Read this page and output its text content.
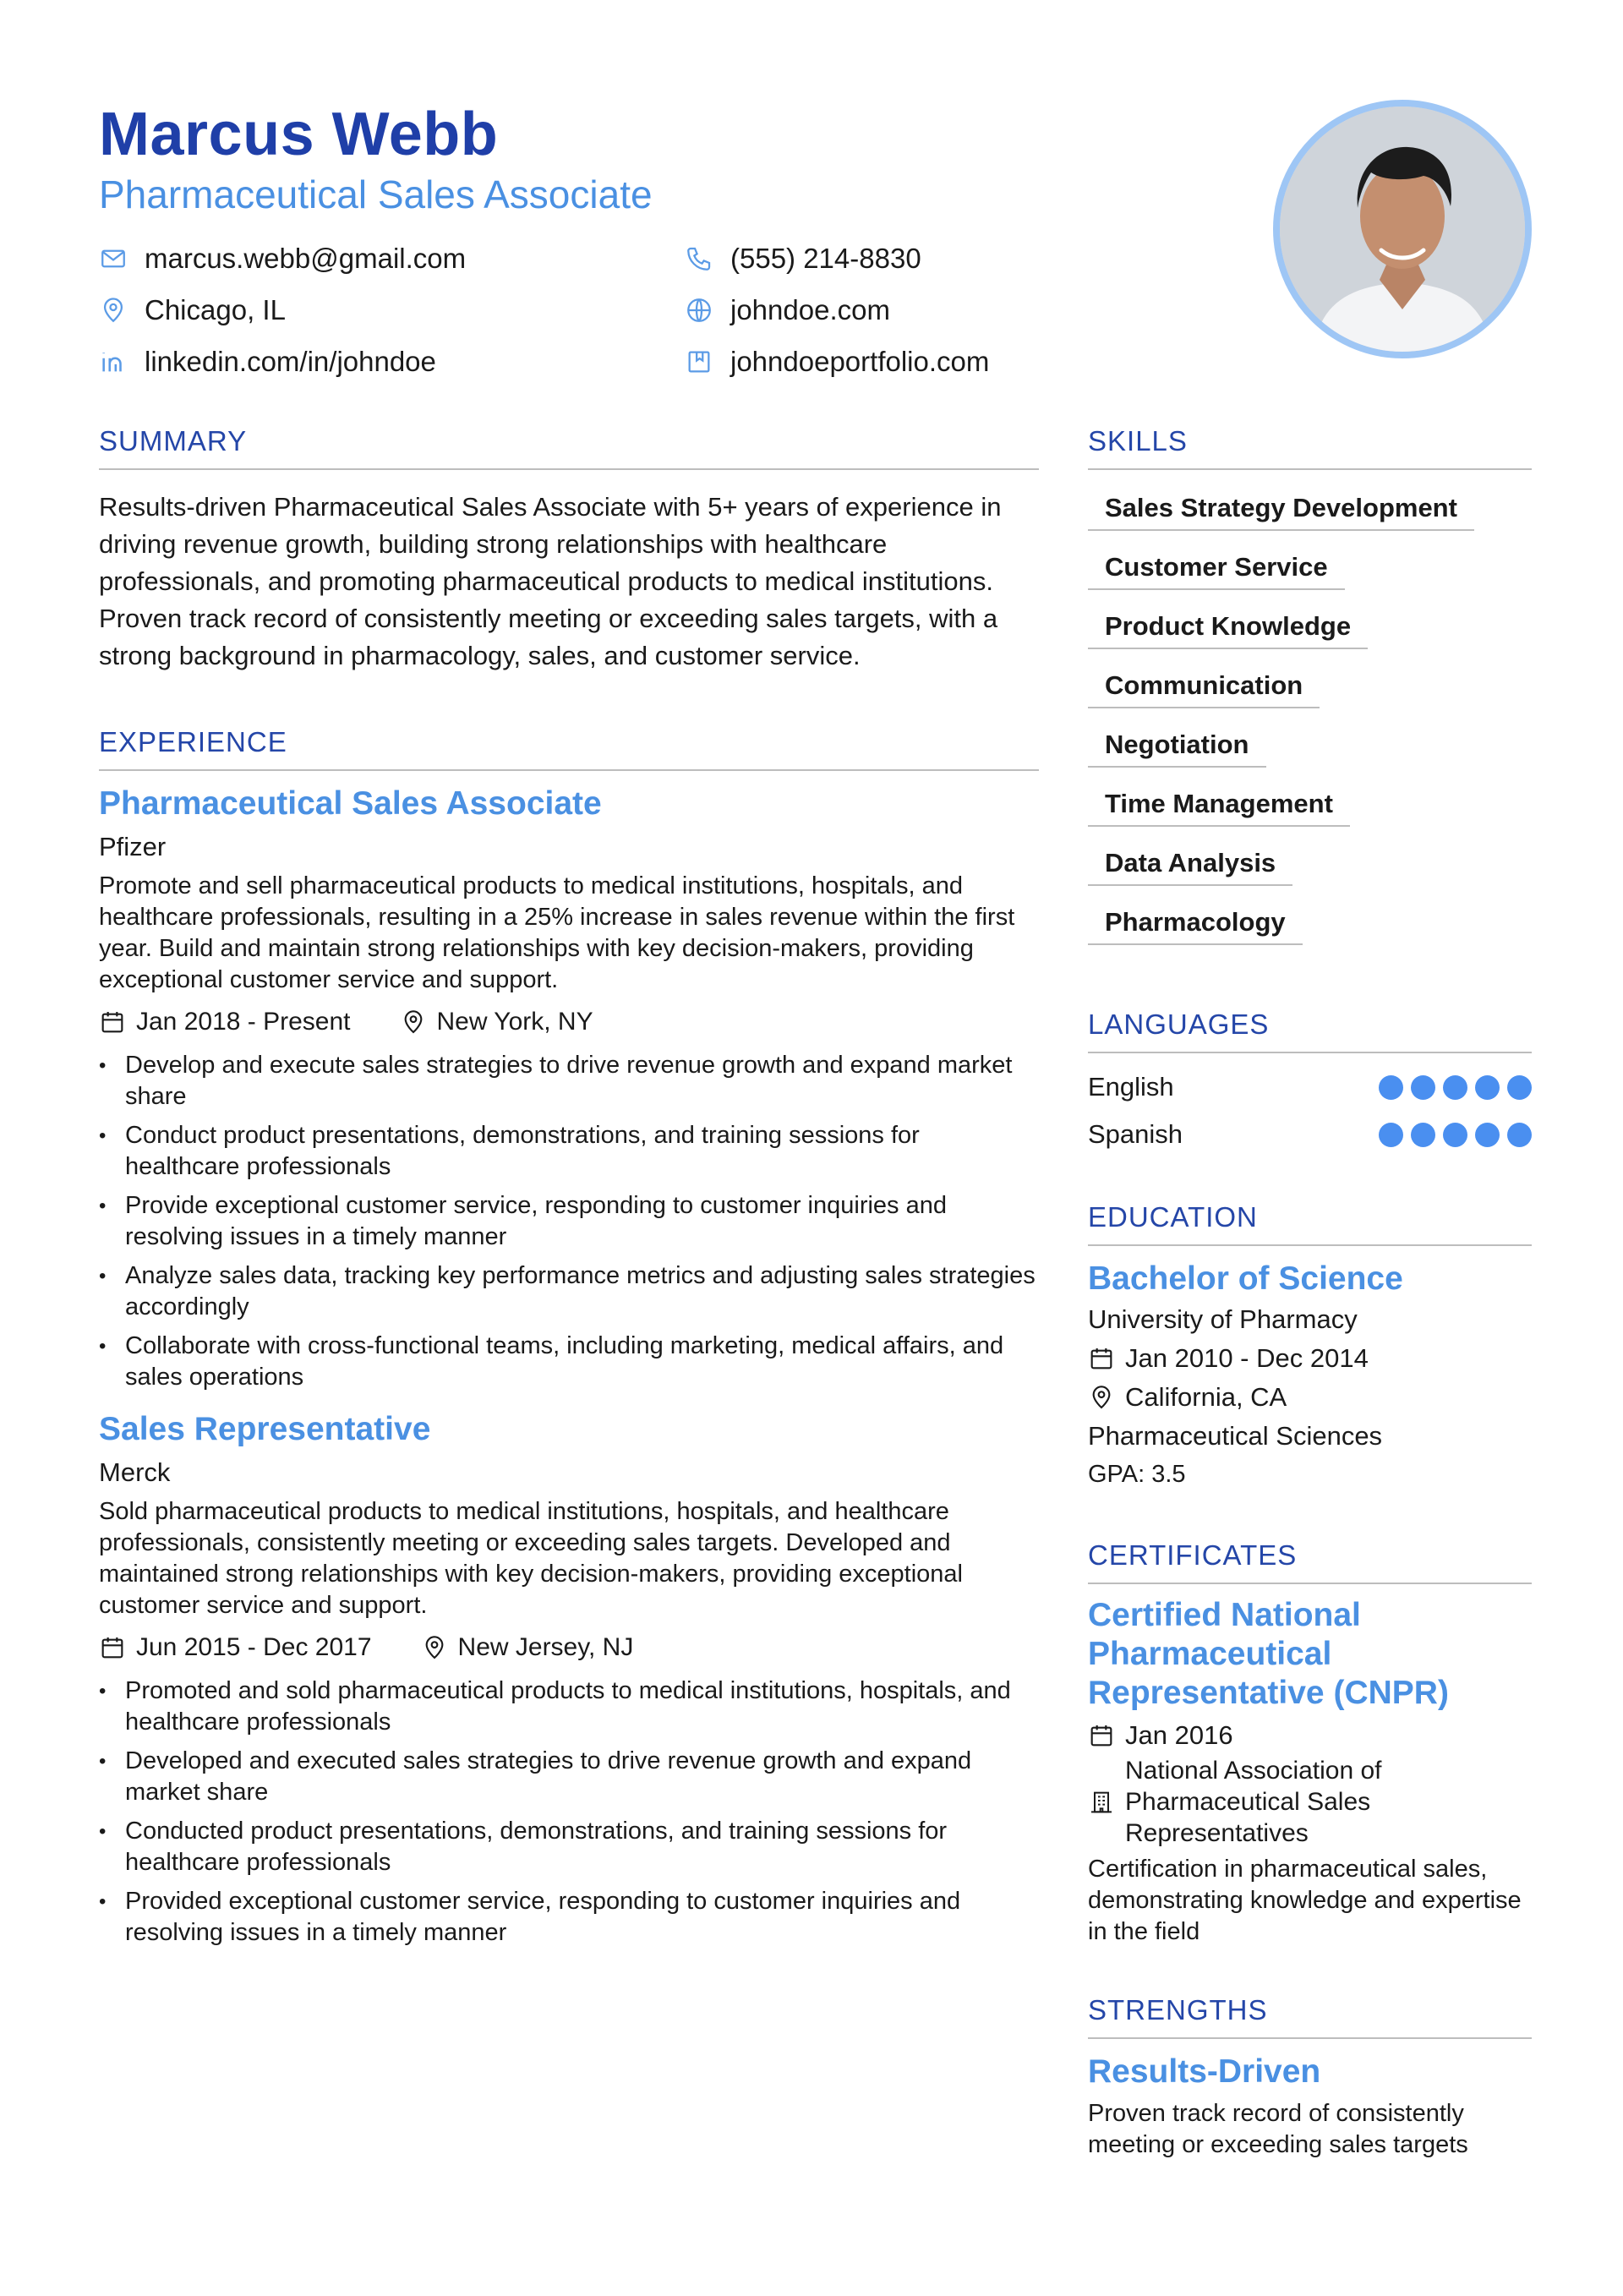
Marcus Webb
Pharmaceutical Sales Associate
marcus.webb@gmail.com	(555) 214-8830
Chicago, IL	johndoe.com
linkedin.com/in/johndoe	johndoeportfolio.com
SUMMARY
Results-driven Pharmaceutical Sales Associate with 5+ years of experience in driving revenue growth, building strong relationships with healthcare professionals, and promoting pharmaceutical products to medical institutions. Proven track record of consistently meeting or exceeding sales targets, with a strong background in pharmacology, sales, and customer service.
EXPERIENCE
Pharmaceutical Sales Associate
Pfizer
Promote and sell pharmaceutical products to medical institutions, hospitals, and healthcare professionals, resulting in a 25% increase in sales revenue within the first year. Build and maintain strong relationships with key decision-makers, providing exceptional customer service and support.
Jan 2018 - Present	New York, NY
• Develop and execute sales strategies to drive revenue growth and expand market share
• Conduct product presentations, demonstrations, and training sessions for healthcare professionals
• Provide exceptional customer service, responding to customer inquiries and resolving issues in a timely manner
• Analyze sales data, tracking key performance metrics and adjusting sales strategies accordingly
• Collaborate with cross-functional teams, including marketing, medical affairs, and sales operations
Sales Representative
Merck
Sold pharmaceutical products to medical institutions, hospitals, and healthcare professionals, consistently meeting or exceeding sales targets. Developed and maintained strong relationships with key decision-makers, providing exceptional customer service and support.
Jun 2015 - Dec 2017	New Jersey, NJ
• Promoted and sold pharmaceutical products to medical institutions, hospitals, and healthcare professionals
• Developed and executed sales strategies to drive revenue growth and expand market share
• Conducted product presentations, demonstrations, and training sessions for healthcare professionals
• Provided exceptional customer service, responding to customer inquiries and resolving issues in a timely manner
SKILLS
Sales Strategy Development
Customer Service
Product Knowledge
Communication
Negotiation
Time Management
Data Analysis
Pharmacology
LANGUAGES
English
Spanish
EDUCATION
Bachelor of Science
University of Pharmacy
Jan 2010 - Dec 2014
California, CA
Pharmaceutical Sciences
GPA: 3.5
CERTIFICATES
Certified National Pharmaceutical Representative (CNPR)
Jan 2016
National Association of Pharmaceutical Sales Representatives
Certification in pharmaceutical sales, demonstrating knowledge and expertise in the field
STRENGTHS
Results-Driven
Proven track record of consistently meeting or exceeding sales targets
